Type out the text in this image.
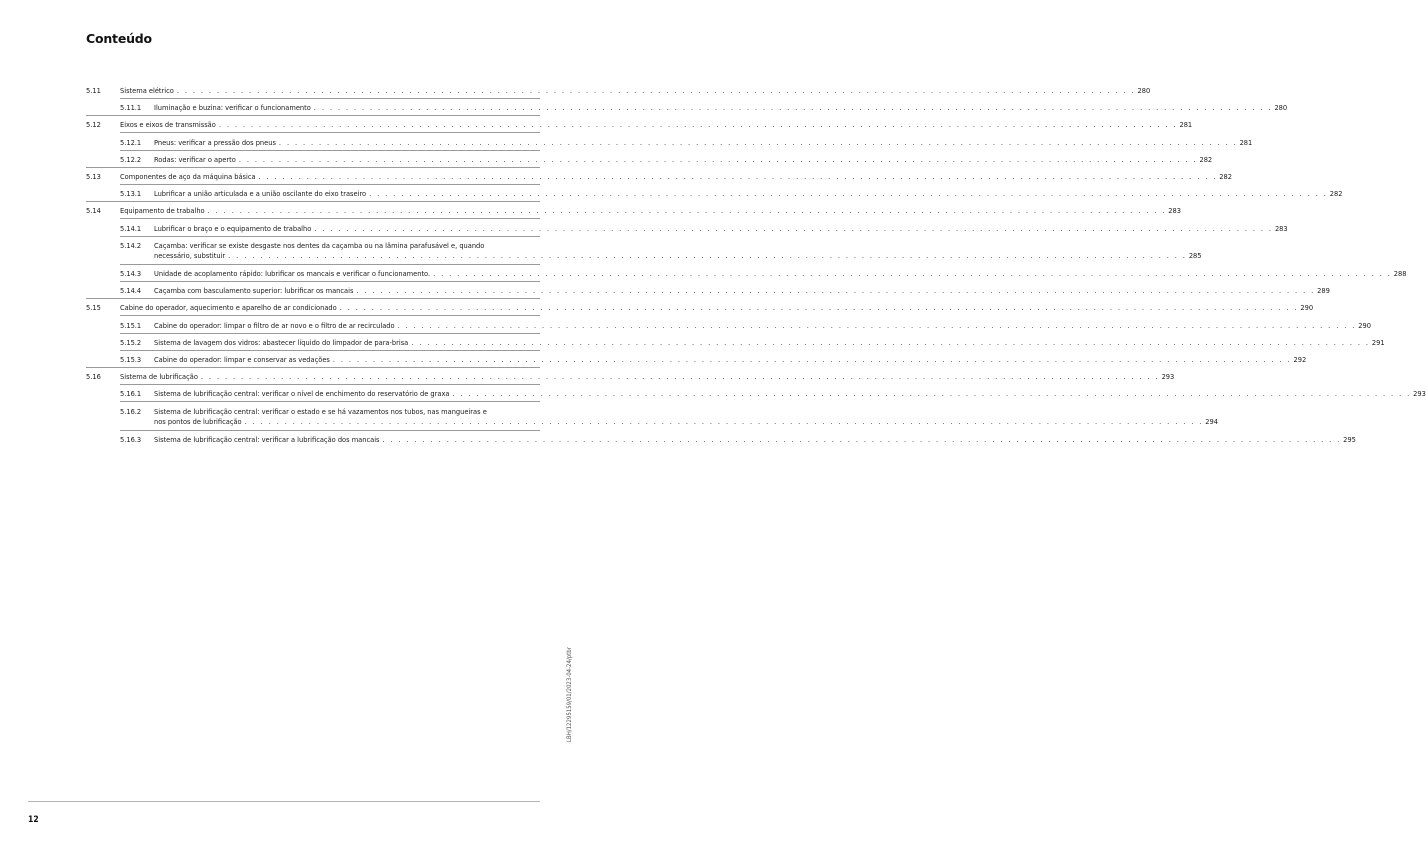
Conteúdo
5.11	Sistema elétrico . . . . . . . . . . . . . . . . . . . . . . . . . . . . . . . . . . . . . . . . . . . . . . . . . . . . . . . . . . . . . . . . . . . . . . . . . . . . . . . . . . . . . . . . . . . . . . . . . . . . . . . . . . . . . . . . . . . . . . . . 280
5.11.1 Iluminação e buzina: verificar o funcionamento . . . . . . . . . . . . . . . . . . . . . . . . . . . . . . . . . . . . . . . . . . . . . . . . . . . . . . . . . . . . . . . . . . . . . . . . . . . . . . . . . . . . . . . . . . . . . . . . . . . . . . . . . . . . . . . . . . . . . . . . 280
5.12	Eixos e eixos de transmissão . . . . . . . . . . . . . . . . . . . . . . . . . . . . . . . . . . . . . . . . . . . . . . . . . . . . . . . . . . . . . . . . . . . . . . . . . . . . . . . . . . . . . . . . . . . . . . . . . . . . . . . . . . . . . . . . . . . . . . . . 281
5.12.1 Pneus: verificar a pressão dos pneus . . . . . . . . . . . . . . . . . . . . . . . . . . . . . . . . . . . . . . . . . . . . . . . . . . . . . . . . . . . . . . . . . . . . . . . . . . . . . . . . . . . . . . . . . . . . . . . . . . . . . . . . . . . . . . . . . . . . . . . . 281
5.12.2 Rodas: verificar o aperto . . . . . . . . . . . . . . . . . . . . . . . . . . . . . . . . . . . . . . . . . . . . . . . . . . . . . . . . . . . . . . . . . . . . . . . . . . . . . . . . . . . . . . . . . . . . . . . . . . . . . . . . . . . . . . . . . . . . . . . . 282
5.13	Componentes de aço da máquina básica . . . . . . . . . . . . . . . . . . . . . . . . . . . . . . . . . . . . . . . . . . . . . . . . . . . . . . . . . . . . . . . . . . . . . . . . . . . . . . . . . . . . . . . . . . . . . . . . . . . . . . . . . . . . . . . . . . . . . . . . 282
5.13.1 Lubrificar a união articulada e a união oscilante do eixo traseiro . . . . . . . . . . . . . . . . . . . . . . . . . . . . . . . . . . . . . . . . . . . . . . . . . . . . . . . . . . . . . . . . . . . . . . . . . . . . . . . . . . . . . . . . . . . . . . . . . . . . . . . . . . . . . . . . . . . . . . . . 282
5.14	Equipamento de trabalho . . . . . . . . . . . . . . . . . . . . . . . . . . . . . . . . . . . . . . . . . . . . . . . . . . . . . . . . . . . . . . . . . . . . . . . . . . . . . . . . . . . . . . . . . . . . . . . . . . . . . . . . . . . . . . . . . . . . . . . . 283
5.14.1 Lubrificar o braço e o equipamento de trabalho . . . . . . . . . . . . . . . . . . . . . . . . . . . . . . . . . . . . . . . . . . . . . . . . . . . . . . . . . . . . . . . . . . . . . . . . . . . . . . . . . . . . . . . . . . . . . . . . . . . . . . . . . . . . . . . . . . . . . . . . 283
5.14.2 Caçamba: verificar se existe desgaste nos dentes da caçamba ou na lâmina parafusável e, quando
necessário, substituir . . . . . . . . . . . . . . . . . . . . . . . . . . . . . . . . . . . . . . . . . . . . . . . . . . . . . . . . . . . . . . . . . . . . . . . . . . . . . . . . . . . . . . . . . . . . . . . . . . . . . . . . . . . . . . . . . . . . . . . . 285
5.14.3 Unidade de acoplamento rápido: lubrificar os mancais e verificar o funcionamento. . . . . . . . . . . . . . . . . . . . . . . . . . . . . . . . . . . . . . . . . . . . . . . . . . . . . . . . . . . . . . . . . . . . . . . . . . . . . . . . . . . . . . . . . . . . . . . . . . . . . . . . . . . . . . . . . . . . . . . . . 288
5.14.4 Caçamba com basculamento superior: lubrificar os mancais . . . . . . . . . . . . . . . . . . . . . . . . . . . . . . . . . . . . . . . . . . . . . . . . . . . . . . . . . . . . . . . . . . . . . . . . . . . . . . . . . . . . . . . . . . . . . . . . . . . . . . . . . . . . . . . . . . . . . . . . 289
5.15	Cabine do operador, aquecimento e aparelho de ar condicionado . . . . . . . . . . . . . . . . . . . . . . . . . . . . . . . . . . . . . . . . . . . . . . . . . . . . . . . . . . . . . . . . . . . . . . . . . . . . . . . . . . . . . . . . . . . . . . . . . . . . . . . . . . . . . . . . . . . . . . . . 290
5.15.1 Cabine do operador: limpar o filtro de ar novo e o filtro de ar recirculado . . . . . . . . . . . . . . . . . . . . . . . . . . . . . . . . . . . . . . . . . . . . . . . . . . . . . . . . . . . . . . . . . . . . . . . . . . . . . . . . . . . . . . . . . . . . . . . . . . . . . . . . . . . . . . . . . . . . . . . . 290
5.15.2 Sistema de lavagem dos vidros: abastecer líquido do limpador de para-brisa . . . . . . . . . . . . . . . . . . . . . . . . . . . . . . . . . . . . . . . . . . . . . . . . . . . . . . . . . . . . . . . . . . . . . . . . . . . . . . . . . . . . . . . . . . . . . . . . . . . . . . . . . . . . . . . . . . . . . . . . 291
5.15.3 Cabine do operador: limpar e conservar as vedações . . . . . . . . . . . . . . . . . . . . . . . . . . . . . . . . . . . . . . . . . . . . . . . . . . . . . . . . . . . . . . . . . . . . . . . . . . . . . . . . . . . . . . . . . . . . . . . . . . . . . . . . . . . . . . . . . . . . . . . . 292
5.16	Sistema de lubrificação . . . . . . . . . . . . . . . . . . . . . . . . . . . . . . . . . . . . . . . . . . . . . . . . . . . . . . . . . . . . . . . . . . . . . . . . . . . . . . . . . . . . . . . . . . . . . . . . . . . . . . . . . . . . . . . . . . . . . . . . 293
5.16.1 Sistema de lubrificação central: verificar o nível de enchimento do reservatório de graxa . . . . . . . . . . . . . . . . . . . . . . . . . . . . . . . . . . . . . . . . . . . . . . . . . . . . . . . . . . . . . . . . . . . . . . . . . . . . . . . . . . . . . . . . . . . . . . . . . . . . . . . . . . . . . . . . . . . . . . . . 293
5.16.2 Sistema de lubrificação central: verificar o estado e se há vazamentos nos tubos, nas mangueiras e
nos pontos de lubrificação . . . . . . . . . . . . . . . . . . . . . . . . . . . . . . . . . . . . . . . . . . . . . . . . . . . . . . . . . . . . . . . . . . . . . . . . . . . . . . . . . . . . . . . . . . . . . . . . . . . . . . . . . . . . . . . . . . . . . . . . 294
5.16.3 Sistema de lubrificação central: verificar a lubrificação dos mancais . . . . . . . . . . . . . . . . . . . . . . . . . . . . . . . . . . . . . . . . . . . . . . . . . . . . . . . . . . . . . . . . . . . . . . . . . . . . . . . . . . . . . . . . . . . . . . . . . . . . . . . . . . . . . . . . . . . . . . . . 295
12
LBH/12295159/01/2023-04-24/ptbr
